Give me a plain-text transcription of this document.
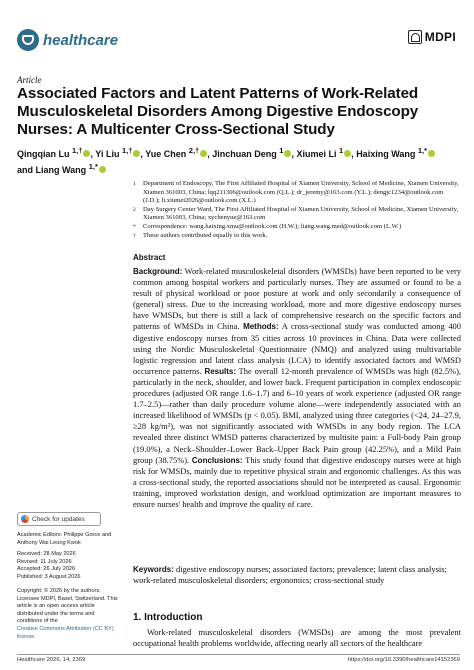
healthcare	MDPI
Article
Associated Factors and Latent Patterns of Work-Related Musculoskeletal Disorders Among Digestive Endoscopy Nurses: A Multicenter Cross-Sectional Study
Qingqian Lu $^{1,\dagger}$ , Yi Liu $^{1,\dagger}$ , Yue Chen $^{2,\dagger}$ , Jinchuan Deng $^1$ , Xiumei Li $^1$ , Haixing Wang $^{1,*}$
and Liang Wang $^{1,*}$
1	Department of Endoscopy, The First Affiliated Hospital of Xiamen University, School of Medicine, Xiamen University, Xiamen 361003, China; lqq211306@outlook.com (Q.L.); dr_jeremy@163.com (Y.L.); dengjc1234@outlook.com (J.D.); li.xiumei2026@outlook.com (X.L.)
2	Day Surgery Center Ward, The First Affiliated Hospital of Xiamen University, School of Medicine, Xiamen University, Xiamen 361003, China; xychenyue@163.com
*	Correspondence: wang.haixing.xmu@outlook.com (H.W.); liang.wang.med@outlook.com (L.W.)
†	These authors contributed equally to this work.
Abstract
Background: Work-related musculoskeletal disorders (WMSDs) have been reported to be very common among hospital workers and particularly nurses. They are assumed or found to be a result of physical workload or poor posture at work and only secondarily a consequence of (general) stress. Due to the increasing workload, more and more digestive endoscopy nurses have WMSDs, but there is still a lack of comprehensive research on the specific factors and patterns of WMSDs in China. Methods: A cross-sectional study was conducted among 400 digestive endoscopy nurses from 35 cities across 10 provinces in China. Data were collected using the Nordic Musculoskeletal Questionnaire (NMQ) and analyzed using multivariable logistic regression and latent class analysis (LCA) to identify associated factors and WMSD occurrence patterns. Results: The overall 12-month prevalence of WMSDs was high (82.5%), particularly in the neck, shoulder, and lower back. Frequent participation in complex endoscopic procedures (adjusted OR range 1.6–1.7) and 6–10 years of work experience (adjusted OR range 1.7–2.5)—rather than daily procedure volume alone—were independently associated with an increased likelihood of WMSDs (p < 0.05). BMI, analyzed using three categories (<24, 24–27.9, ≥28 kg/m²), was not significantly associated with WMSDs in any body region. The LCA revealed three distinct WMSD patterns characterized by multisite pain: a Full-body Pain group (19.0%), a Neck–Shoulder–Lower Back–Upper Back Pain group (42.25%), and a Mild Pain group (38.75%). Conclusions: This study found that digestive endoscopy nurses were at high risk for WMSDs, mainly due to repetitive physical strain and ergonomic challenges. As this was a cross-sectional study, the reported associations should not be interpreted as causal. Ergonomic training, improved workstation design, and workload optimization are important measures to ensure nurses' health and improve the quality of care.
Keywords: digestive endoscopy nurses; associated factors; prevalence; latent class analysis; work-related musculoskeletal disorders; ergonomics; cross-sectional study
Check for updates
Academic Editors: Philippe Gorce and Anthony Wai Leung Kwok
Received: 28 May 2026
Revised: 11 July 2026
Accepted: 26 July 2026
Published: 3 August 2026
Copyright: © 2026 by the authors. Licensee MDPI, Basel, Switzerland. This article is an open access article distributed under the terms and conditions of the
Creative Commons Attribution (CC BY) license.
1. Introduction
Work-related musculoskeletal disorders (WMSDs) are among the most prevalent occupational health problems worldwide, affecting nearly all sectors of the healthcare
Healthcare 2026, 14, 2369	https://doi.org/10.3390/healthcare14152369
